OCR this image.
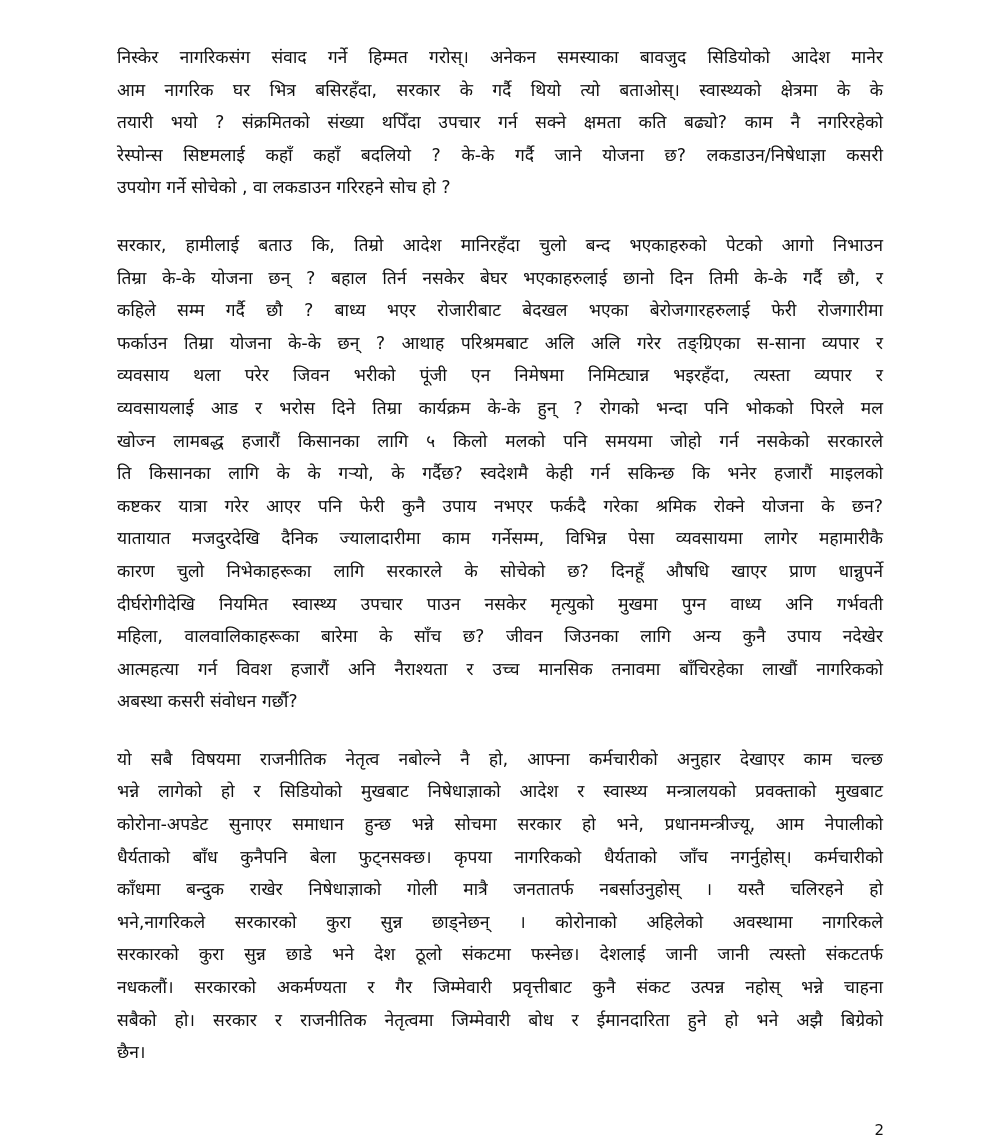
निस्केर नागरिकसंग संवाद गर्ने हिम्मत गरोस्। अनेकन समस्याका बावजुद सिडियोको आदेश मानेर
आम नागरिक घर भित्र बसिरहँदा, सरकार के गर्दै थियो त्यो बताओस्। स्वास्थ्यको क्षेत्रमा के के
तयारी भयो ? संक्रमितको संख्या थपिँदा उपचार गर्न सक्ने क्षमता कति बढ्यो? काम नै नगरिरहेको
रेस्पोन्स सिष्टमलाई कहाँ कहाँ बदलियो ? के-के गर्दै जाने योजना छ? लकडाउन/निषेधाज्ञा कसरी
उपयोग गर्ने सोचेको , वा लकडाउन गरिरहने सोच हो ?
सरकार, हामीलाई बताउ कि, तिम्रो आदेश मानिरहँदा चुलो बन्द भएकाहरुको पेटको आगो निभाउन
तिम्रा के-के योजना छन् ? बहाल तिर्न नसकेर बेघर भएकाहरुलाई छानो दिन तिमी के-के गर्दै छौ, र
कहिले सम्म गर्दै छौ ? बाध्य भएर रोजारीबाट बेदखल भएका बेरोजगारहरुलाई फेरी रोजगारीमा
फर्काउन तिम्रा योजना के-के छन् ? आथाह परिश्रमबाट अलि अलि गरेर तङ्ग्रिएका स-साना व्यपार र
व्यवसाय थला परेर जिवन भरीको पूंजी एन निमेषमा निमिट्यान्न भइरहँदा, त्यस्ता व्यपार र
व्यवसायलाई आड र भरोस दिने तिम्रा कार्यक्रम के-के हुन् ? रोगको भन्दा पनि भोकको पिरले मल
खोज्न लामबद्ध हजारौं किसानका लागि ५ किलो मलको पनि समयमा जोहो गर्न नसकेको सरकारले
ति किसानका लागि के के गऱ्यो, के गर्दैछ? स्वदेशमै केही गर्न सकिन्छ कि भनेर हजारौं माइलको
कष्टकर यात्रा गरेर आएर पनि फेरी कुनै उपाय नभएर फर्कदै गरेका श्रमिक रोक्ने योजना के छन?
यातायात मजदुरदेखि दैनिक ज्यालादारीमा काम गर्नेसम्म, विभिन्न पेसा व्यवसायमा लागेर महामारीकै
कारण चुलो निभेकाहरूका लागि सरकारले के सोचेको छ? दिनहूँ औषधि खाएर प्राण धान्नुपर्ने
दीर्घरोगीदेखि नियमित स्वास्थ्य उपचार पाउन नसकेर मृत्युको मुखमा पुग्न वाध्य अनि गर्भवती
महिला, वालवालिकाहरूका बारेमा के साँच छ? जीवन जिउनका लागि अन्य कुनै उपाय नदेखेर
आत्महत्या गर्न विवश हजारौं अनि नैराश्यता र उच्च मानसिक तनावमा बाँचिरहेका लाखौं नागरिकको
अबस्था कसरी संवोधन गर्छौ?
यो सबै विषयमा राजनीतिक नेतृत्व नबोल्ने नै हो, आफ्ना कर्मचारीको अनुहार देखाएर काम चल्छ
भन्ने लागेको हो र सिडियोको मुखबाट निषेधाज्ञाको आदेश र स्वास्थ्य मन्त्रालयको प्रवक्ताको मुखबाट
कोरोना-अपडेट सुनाएर समाधान हुन्छ भन्ने सोचमा सरकार हो भने, प्रधानमन्त्रीज्यू, आम नेपालीको
धैर्यताको बाँध कुनैपनि बेला फुट्नसक्छ। कृपया नागरिकको धैर्यताको जाँच नगर्नुहोस्। कर्मचारीको
काँधमा बन्दुक राखेर निषेधाज्ञाको गोली मात्रै जनतातर्फ नबर्साउनुहोस् । यस्तै चलिरहने हो
भने,नागरिकले सरकारको कुरा सुन्न छाड्नेछन् । कोरोनाको अहिलेको अवस्थामा नागरिकले
सरकारको कुरा सुन्न छाडे भने देश ठूलो संकटमा फस्नेछ। देशलाई जानी जानी त्यस्तो संकटतर्फ
नधकलौं। सरकारको अकर्मण्यता र गैर जिम्मेवारी प्रवृत्तीबाट कुनै संकट उत्पन्न नहोस् भन्ने चाहना
सबैको हो। सरकार र राजनीतिक नेतृत्वमा जिम्मेवारी बोध र ईमानदारिता हुने हो भने अझै बिग्रेको
छैन।
2
